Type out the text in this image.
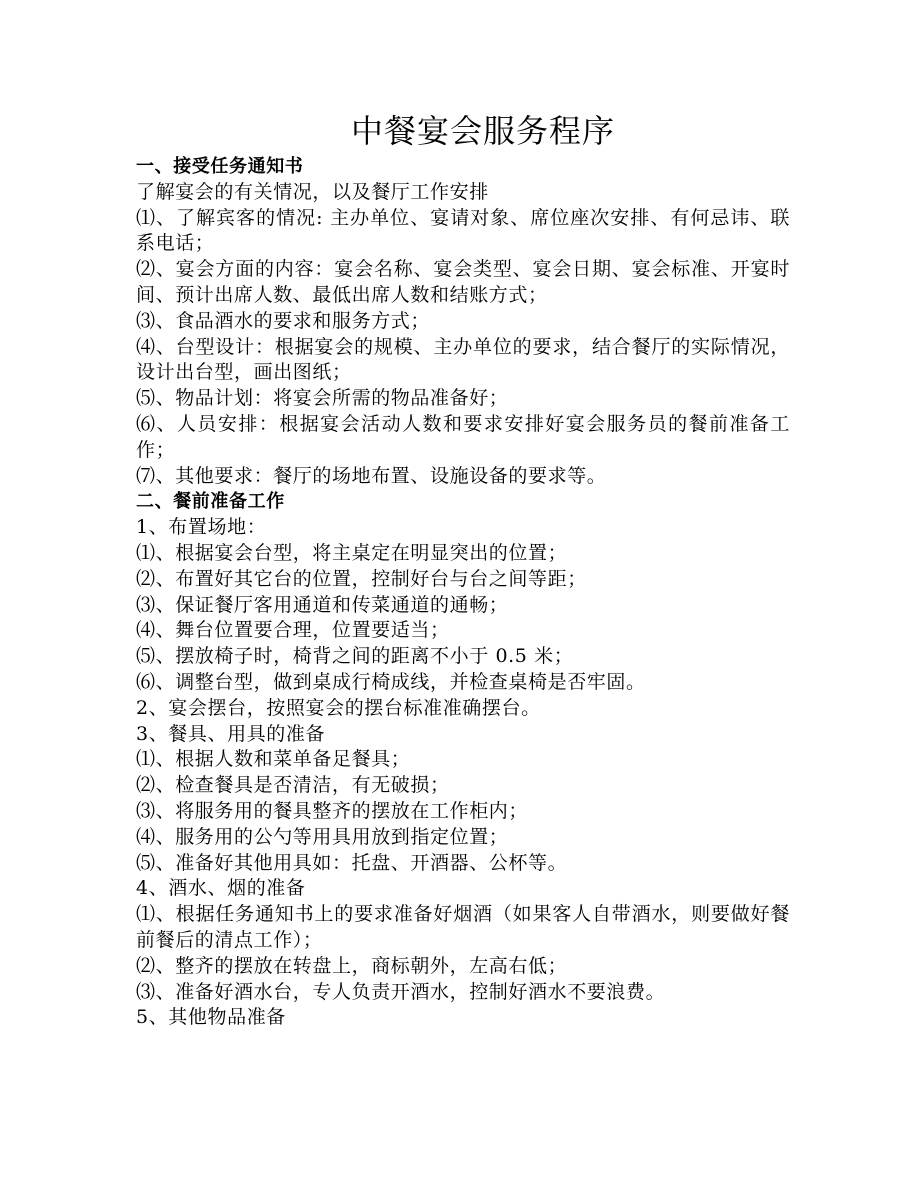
中餐宴会服务程序
一、接受任务通知书
了解宴会的有关情况，以及餐厅工作安排
⑴、了解宾客的情况: 主办单位、宴请对象、席位座次安排、有何忌讳、联系电话；
⑵、宴会方面的内容：宴会名称、宴会类型、宴会日期、宴会标准、开宴时间、预计出席人数、最低出席人数和结账方式；
⑶、食品酒水的要求和服务方式；
⑷、台型设计：根据宴会的规模、主办单位的要求，结合餐厅的实际情况，设计出台型，画出图纸；
⑸、物品计划：将宴会所需的物品准备好；
⑹、人员安排：根据宴会活动人数和要求安排好宴会服务员的餐前准备工作；
⑺、其他要求：餐厅的场地布置、设施设备的要求等。
二、餐前准备工作
1、布置场地：
⑴、根据宴会台型，将主桌定在明显突出的位置；
⑵、布置好其它台的位置，控制好台与台之间等距；
⑶、保证餐厅客用通道和传菜通道的通畅；
⑷、舞台位置要合理，位置要适当；
⑸、摆放椅子时，椅背之间的距离不小于 0.5 米；
⑹、调整台型，做到桌成行椅成线，并检查桌椅是否牢固。
2、宴会摆台，按照宴会的摆台标准准确摆台。
3、餐具、用具的准备
⑴、根据人数和菜单备足餐具；
⑵、检查餐具是否清洁，有无破损；
⑶、将服务用的餐具整齐的摆放在工作柜内；
⑷、服务用的公勺等用具用放到指定位置；
⑸、准备好其他用具如：托盘、开酒器、公杯等。
4、酒水、烟的准备
⑴、根据任务通知书上的要求准备好烟酒（如果客人自带酒水，则要做好餐前餐后的清点工作）；
⑵、整齐的摆放在转盘上，商标朝外，左高右低；
⑶、准备好酒水台，专人负责开酒水，控制好酒水不要浪费。
5、其他物品准备
